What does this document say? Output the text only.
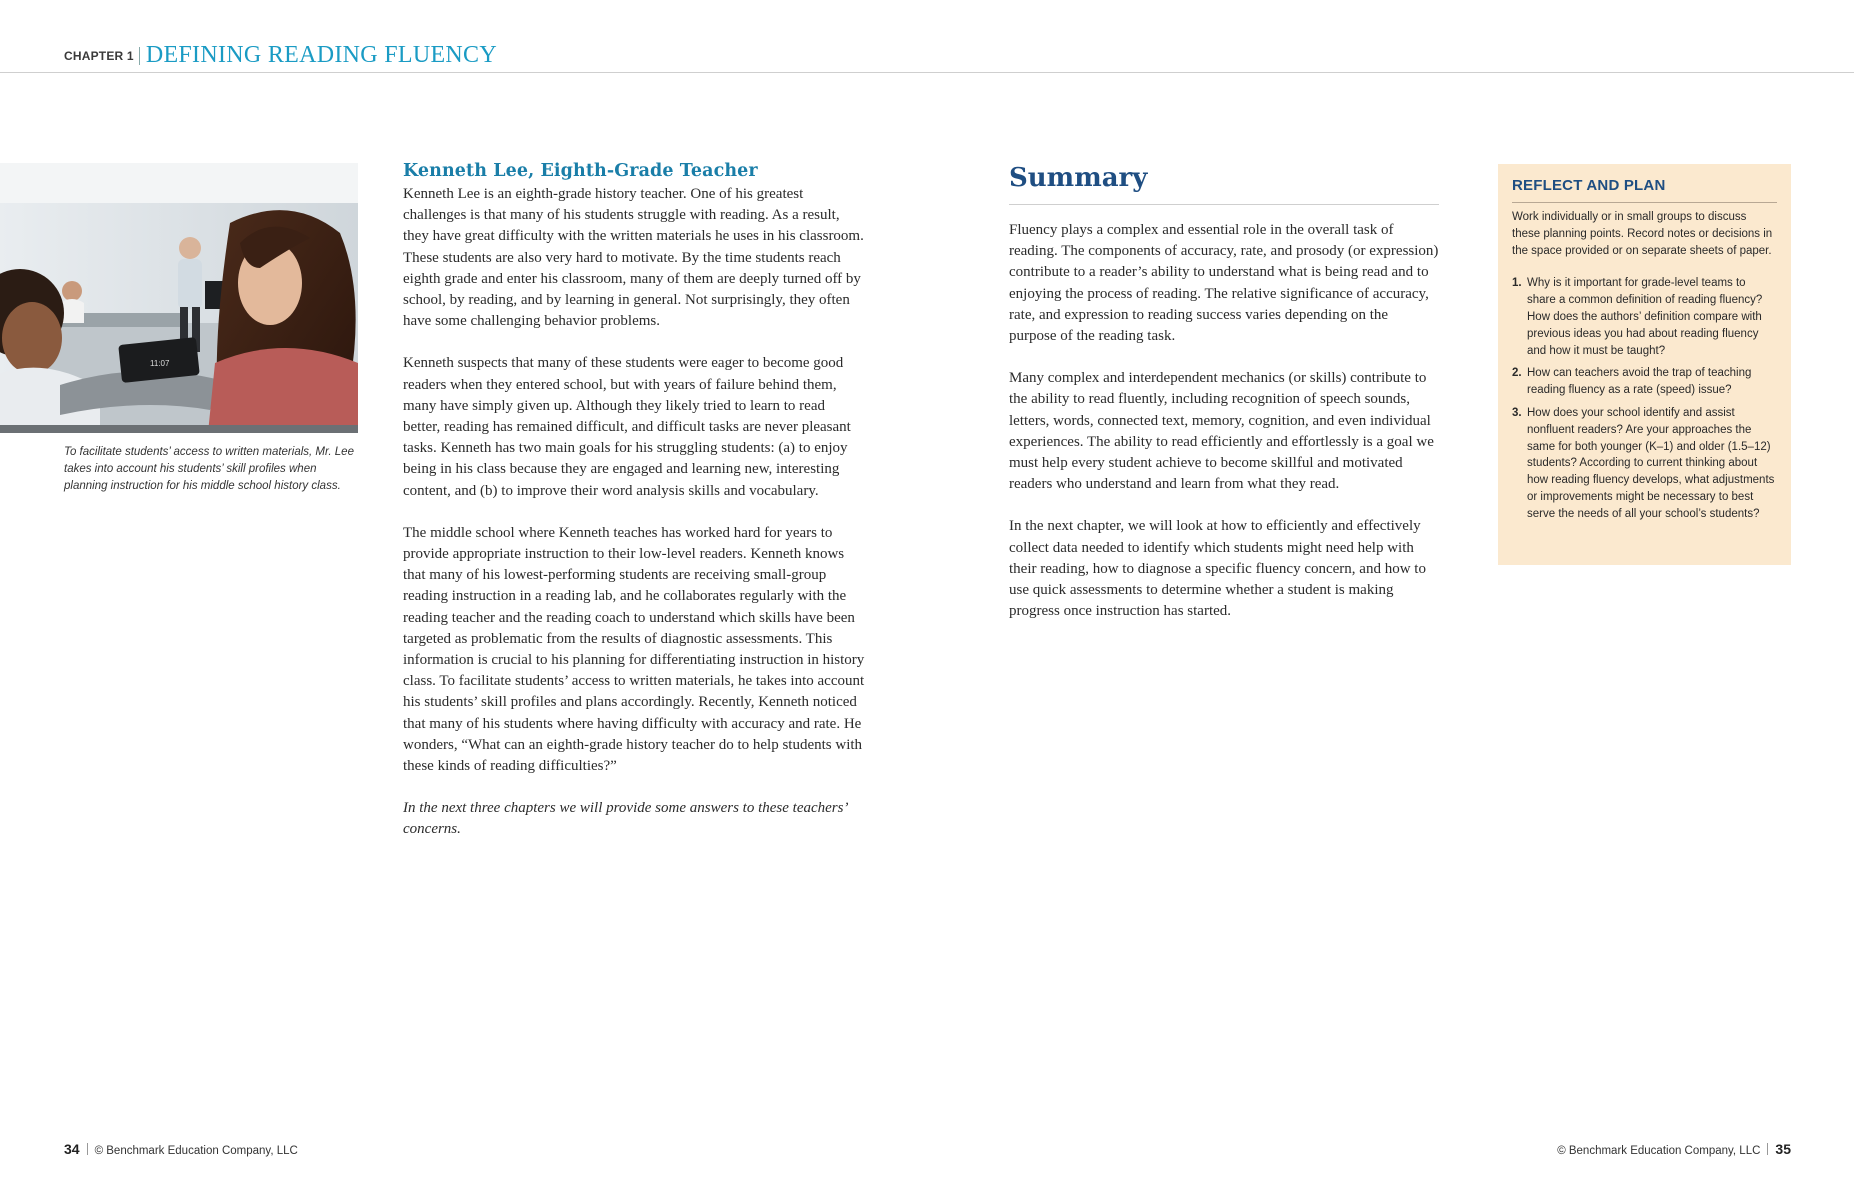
CHAPTER 1 DEFINING READING FLUENCY
11:07
To facilitate students’ access to written materials, Mr. Lee takes into account his students’ skill profiles when planning instruction for his middle school history class.
Kenneth Lee, Eighth-Grade Teacher

Kenneth Lee is an eighth-grade history teacher. One of his greatest challenges is that many of his students struggle with reading. As a result, they have great difficulty with the written materials he uses in his classroom. These students are also very hard to motivate. By the time students reach eighth grade and enter his classroom, many of them are deeply turned off by school, by reading, and by learning in general. Not surprisingly, they often have some challenging behavior problems.

Kenneth suspects that many of these students were eager to become good readers when they entered school, but with years of failure behind them, many have simply given up. Although they likely tried to learn to read better, reading has remained difficult, and difficult tasks are never pleasant tasks. Kenneth has two main goals for his struggling students: (a) to enjoy being in his class because they are engaged and learning new, interesting content, and (b) to improve their word analysis skills and vocabulary.

The middle school where Kenneth teaches has worked hard for years to provide appropriate instruction to their low-level readers. Kenneth knows that many of his lowest-performing students are receiving small-group reading instruction in a reading lab, and he collaborates regularly with the reading teacher and the reading coach to understand which skills have been targeted as problematic from the results of diagnostic assessments. This information is crucial to his planning for differentiating instruction in history class. To facilitate students’ access to written materials, he takes into account his students’ skill profiles and plans accordingly. Recently, Kenneth noticed that many of his students where having difficulty with accuracy and rate. He wonders, “What can an eighth-grade history teacher do to help students with these kinds of reading difficulties?”

In the next three chapters we will provide some answers to these teachers’ concerns.

Summary

Fluency plays a complex and essential role in the overall task of reading. The components of accuracy, rate, and prosody (or expression) contribute to a reader’s ability to understand what is being read and to enjoying the process of reading. The relative significance of accuracy, rate, and expression to reading success varies depending on the purpose of the reading task.

Many complex and interdependent mechanics (or skills) contribute to the ability to read fluently, including recognition of speech sounds, letters, words, connected text, memory, cognition, and even individual experiences. The ability to read efficiently and effortlessly is a goal we must help every student achieve to become skillful and motivated readers who understand and learn from what they read.

In the next chapter, we will look at how to efficiently and effectively collect data needed to identify which students might need help with their reading, how to diagnose a specific fluency concern, and how to use quick assessments to determine whether a student is making progress once instruction has started.

REFLECT AND PLAN

Work individually or in small groups to discuss these planning points. Record notes or decisions in the space provided or on separate sheets of paper.

1. Why is it important for grade-level teams to share a common definition of reading fluency? How does the authors’ definition compare with previous ideas you had about reading fluency and how it must be taught?
2. How can teachers avoid the trap of teaching reading fluency as a rate (speed) issue?
3. How does your school identify and assist nonfluent readers? Are your approaches the same for both younger (K–1) and older (1.5–12) students? According to current thinking about how reading fluency develops, what adjustments or improvements might be necessary to best serve the needs of all your school’s students?
34 © Benchmark Education Company, LLC	© Benchmark Education Company, LLC 35
